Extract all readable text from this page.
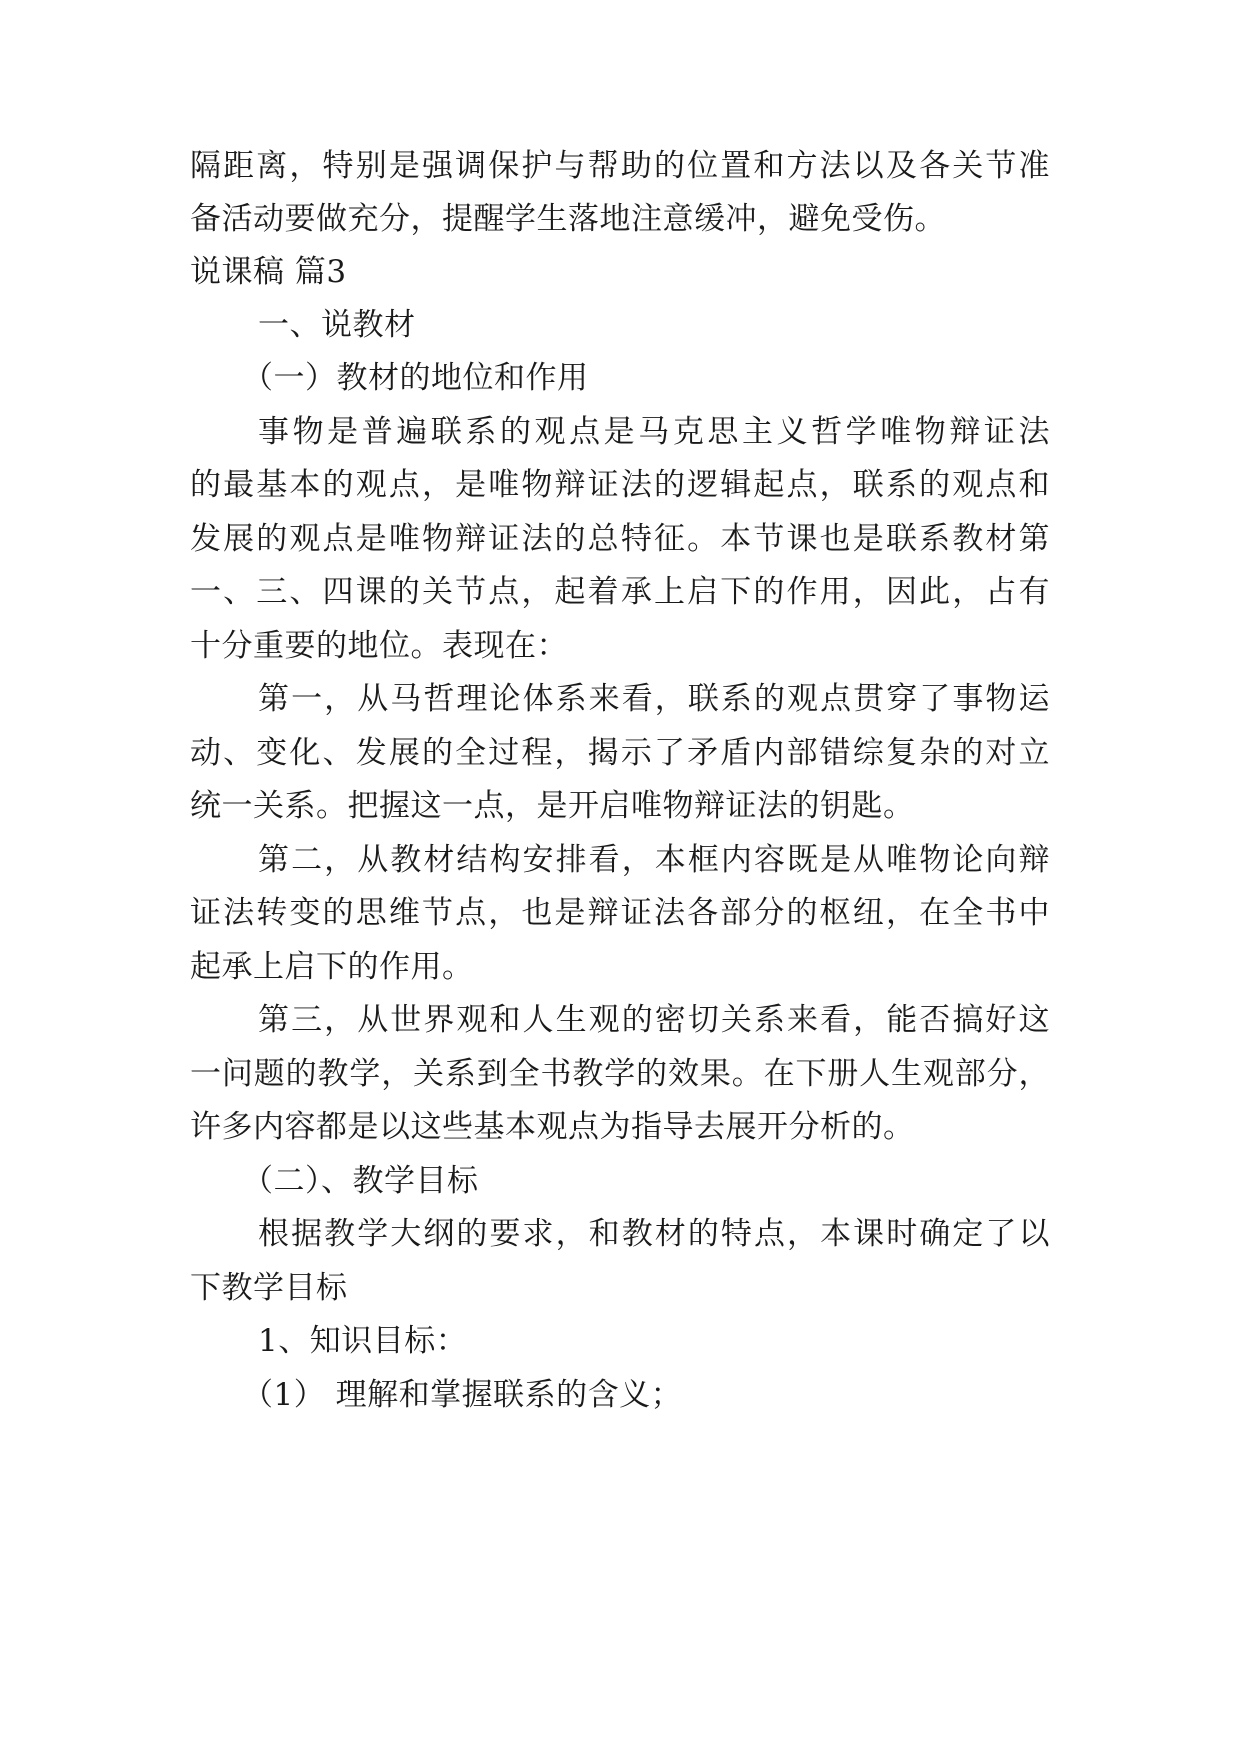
隔距离，特别是强调保护与帮助的位置和方法以及各关节准
备活动要做充分，提醒学生落地注意缓冲，避免受伤。
说课稿 篇3
一、说教材
（一）教材的地位和作用
事物是普遍联系的观点是马克思主义哲学唯物辩证法
的最基本的观点，是唯物辩证法的逻辑起点，联系的观点和
发展的观点是唯物辩证法的总特征。本节课也是联系教材第
一、三、四课的关节点，起着承上启下的作用，因此，占有
十分重要的地位。表现在：
第一，从马哲理论体系来看，联系的观点贯穿了事物运
动、变化、发展的全过程，揭示了矛盾内部错综复杂的对立
统一关系。把握这一点，是开启唯物辩证法的钥匙。
第二，从教材结构安排看，本框内容既是从唯物论向辩
证法转变的思维节点，也是辩证法各部分的枢纽，在全书中
起承上启下的作用。
第三，从世界观和人生观的密切关系来看，能否搞好这
一问题的教学，关系到全书教学的效果。在下册人生观部分，
许多内容都是以这些基本观点为指导去展开分析的。
（二）、教学目标
根据教学大纲的要求，和教材的特点，本课时确定了以
下教学目标
1、知识目标：
（1） 理解和掌握联系的含义；
